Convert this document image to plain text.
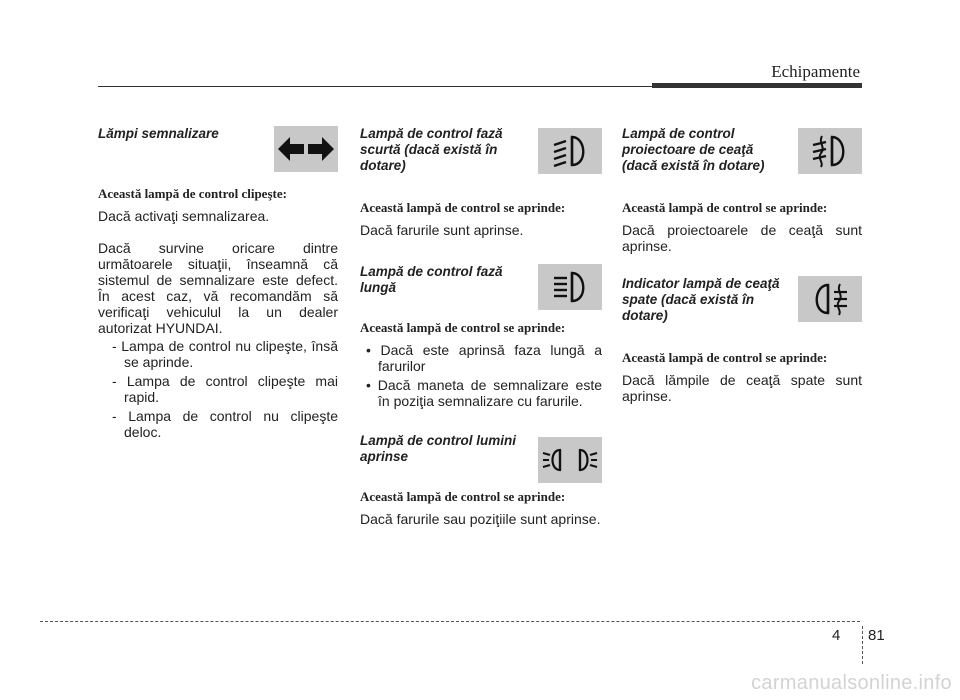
Echipamente

Lămpi semnalizare

Această lampă de control clipeşte:

Dacă activaţi semnalizarea.

Dacă survine oricare dintre următoarele situaţii, înseamnă că sistemul de semnalizare este defect. În acest caz, vă recomandăm să verificaţi vehiculul la un dealer autorizat HYUNDAI.

- Lampa de control nu clipeşte, însă se aprinde.
- Lampa de control clipeşte mai rapid.
- Lampa de control nu clipeşte deloc.

Lampă de control fază scurtă (dacă există în dotare)

Această lampă de control se aprinde:

Dacă farurile sunt aprinse.

Lampă de control fază lungă

Această lampă de control se aprinde:

• Dacă este aprinsă faza lungă a farurilor
• Dacă maneta de semnalizare este în poziţia semnalizare cu farurile.

Lampă de control lumini aprinse

Această lampă de control se aprinde:

Dacă farurile sau poziţiile sunt aprinse.

Lampă de control proiectoare de ceaţă (dacă există în dotare)

Această lampă de control se aprinde:

Dacă proiectoarele de ceaţă sunt aprinse.

Indicator lampă de ceaţă spate (dacă există în dotare)

Această lampă de control se aprinde:

Dacă lămpile de ceaţă spate sunt aprinse.

4 81
carmanualsonline.info
